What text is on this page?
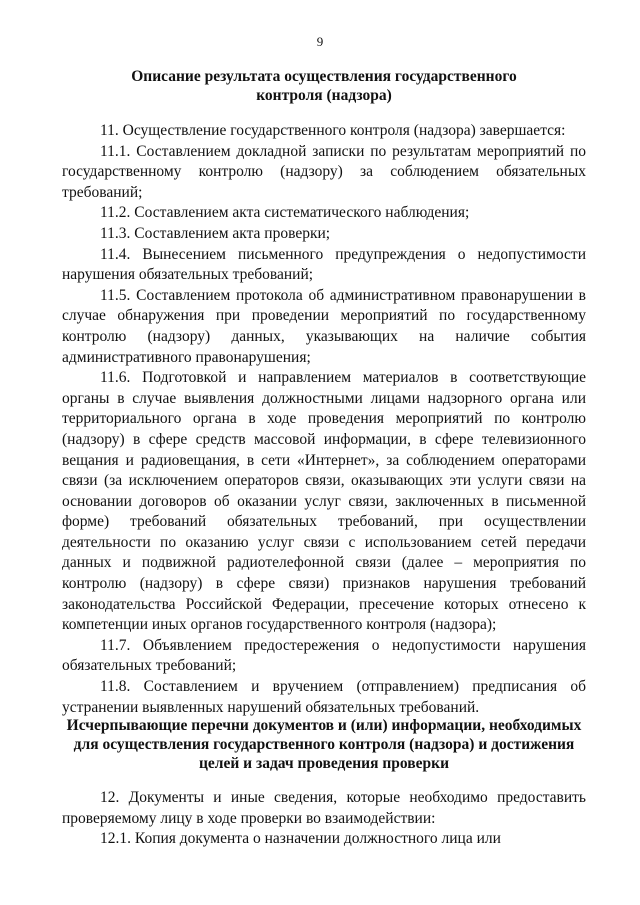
9
Описание результата осуществления государственного
контроля (надзора)

11. Осуществление государственного контроля (надзора) завершается:

11.1. Составлением докладной записки по результатам мероприятий по государственному контролю (надзору) за соблюдением обязательных требований;

11.2. Составлением акта систематического наблюдения;

11.3. Составлением акта проверки;

11.4. Вынесением письменного предупреждения о недопустимости нарушения обязательных требований;

11.5. Составлением протокола об административном правонарушении в случае обнаружения при проведении мероприятий по государственному контролю (надзору) данных, указывающих на наличие события административного правонарушения;

11.6. Подготовкой и направлением материалов в соответствующие органы в случае выявления должностными лицами надзорного органа или территориального органа в ходе проведения мероприятий по контролю (надзору) в сфере средств массовой информации, в сфере телевизионного вещания и радиовещания, в сети «Интернет», за соблюдением операторами связи (за исключением операторов связи, оказывающих эти услуги связи на основании договоров об оказании услуг связи, заключенных в письменной форме) требований обязательных требований, при осуществлении деятельности по оказанию услуг связи с использованием сетей передачи данных и подвижной радиотелефонной связи (далее – мероприятия по контролю (надзору) в сфере связи) признаков нарушения требований законодательства Российской Федерации, пресечение которых отнесено к компетенции иных органов государственного контроля (надзора);

11.7. Объявлением предостережения о недопустимости нарушения обязательных требований;

11.8. Составлением и вручением (отправлением) предписания об устранении выявленных нарушений обязательных требований.

Исчерпывающие перечни документов и (или) информации, необходимых
для осуществления государственного контроля (надзора) и достижения
целей и задач проведения проверки

12. Документы и иные сведения, которые необходимо предоставить проверяемому лицу в ходе проверки во взаимодействии:

12.1. Копия документа о назначении должностного лица или
